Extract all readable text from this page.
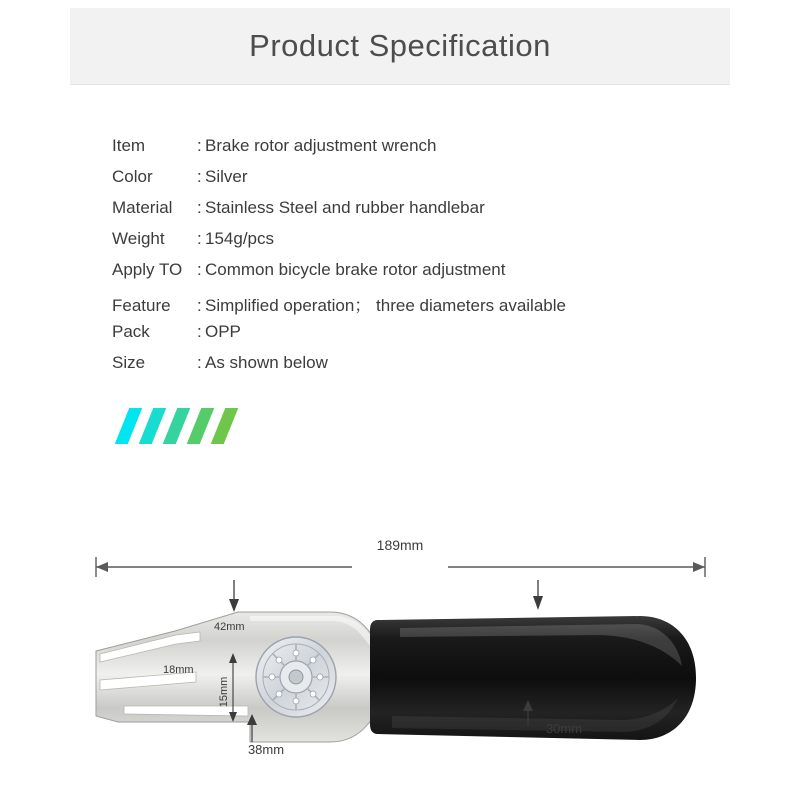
Product Specification
Item	: Brake rotor adjustment wrench
Color	: Silver
Material	: Stainless Steel and rubber handlebar
Weight	: 154g/pcs
Apply TO : Common bicycle brake rotor adjustment
Feature	: Simplified operation； three diameters available
Pack	: OPP
Size	: As shown below
189mm
42mm
18mm
15mm
38mm
30mm
